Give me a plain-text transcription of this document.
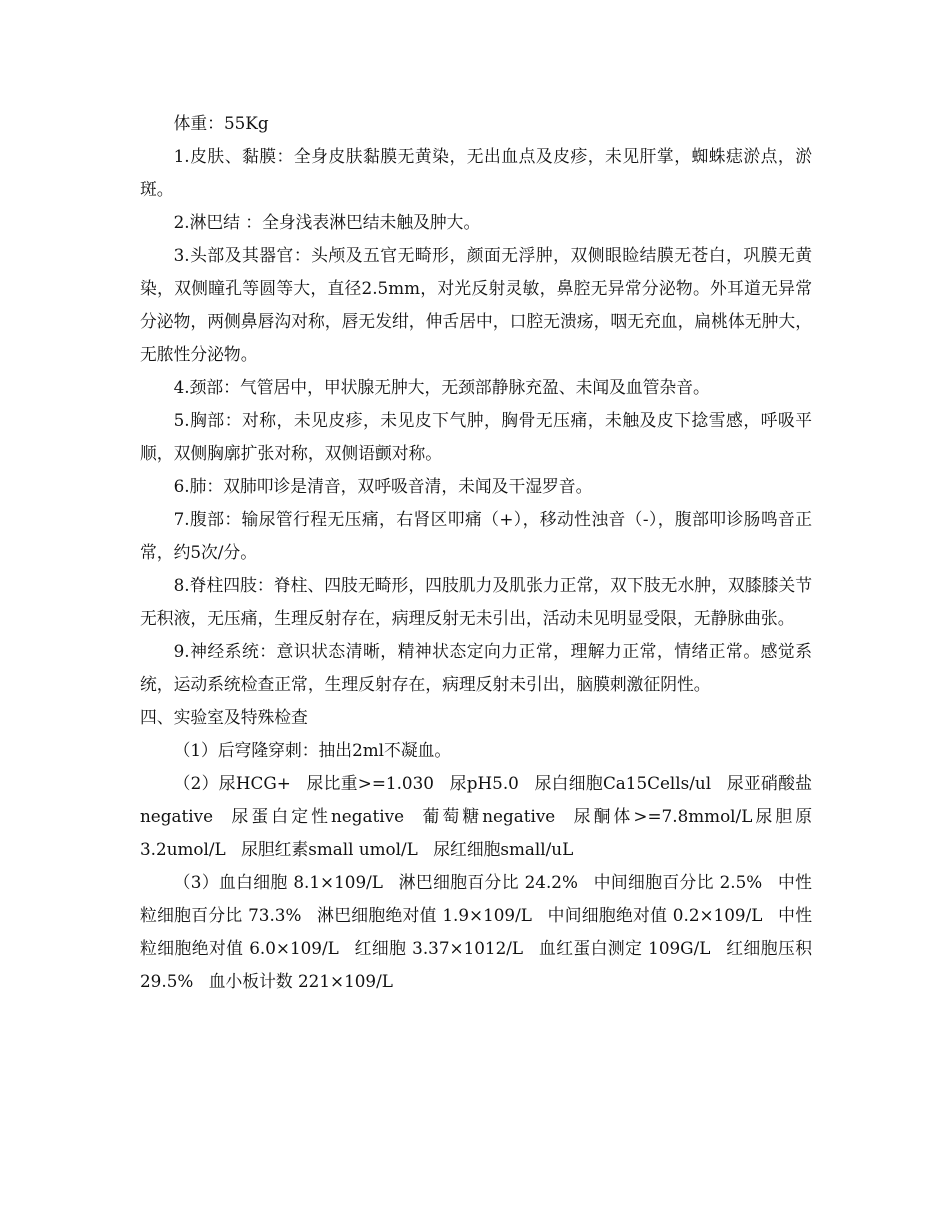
体重：55Kg

1.皮肤、黏膜：全身皮肤黏膜无黄染，无出血点及皮疹，未见肝掌，蜘蛛痣淤点，淤斑。

2.淋巴结 ：全身浅表淋巴结未触及肿大。

3.头部及其器官：头颅及五官无畸形，颜面无浮肿，双侧眼睑结膜无苍白，巩膜无黄染，双侧瞳孔等圆等大，直径2.5mm，对光反射灵敏，鼻腔无异常分泌物。外耳道无异常分泌物，两侧鼻唇沟对称，唇无发绀，伸舌居中，口腔无溃疡，咽无充血，扁桃体无肿大，无脓性分泌物。

4.颈部：气管居中，甲状腺无肿大，无颈部静脉充盈、未闻及血管杂音。

5.胸部：对称，未见皮疹，未见皮下气肿，胸骨无压痛，未触及皮下捻雪感，呼吸平顺，双侧胸廓扩张对称，双侧语颤对称。

6.肺：双肺叩诊是清音，双呼吸音清，未闻及干湿罗音。

7.腹部：输尿管行程无压痛，右肾区叩痛（+），移动性浊音（-），腹部叩诊肠鸣音正常，约5次/分。

8.脊柱四肢：脊柱、四肢无畸形，四肢肌力及肌张力正常，双下肢无水肿，双膝膝关节无积液，无压痛，生理反射存在，病理反射无未引出，活动未见明显受限，无静脉曲张。

9.神经系统：意识状态清晰，精神状态定向力正常，理解力正常，情绪正常。感觉系统，运动系统检查正常，生理反射存在，病理反射未引出，脑膜刺激征阴性。

四、实验室及特殊检查

（1）后穹隆穿刺：抽出2ml不凝血。

（2）尿HCG+ 尿比重>=1.030 尿pH5.0 尿白细胞Ca15Cells/ul 尿亚硝酸盐negative 尿蛋白定性negative 葡萄糖negative 尿酮体>=7.8mmol/L尿胆原3.2umol/L 尿胆红素small umol/L 尿红细胞small/uL

（3）血白细胞 8.1×109/L 淋巴细胞百分比 24.2% 中间细胞百分比 2.5% 中性粒细胞百分比 73.3% 淋巴细胞绝对值 1.9×109/L 中间细胞绝对值 0.2×109/L 中性粒细胞绝对值 6.0×109/L 红细胞 3.37×1012/L 血红蛋白测定 109G/L 红细胞压积 29.5% 血小板计数 221×109/L
